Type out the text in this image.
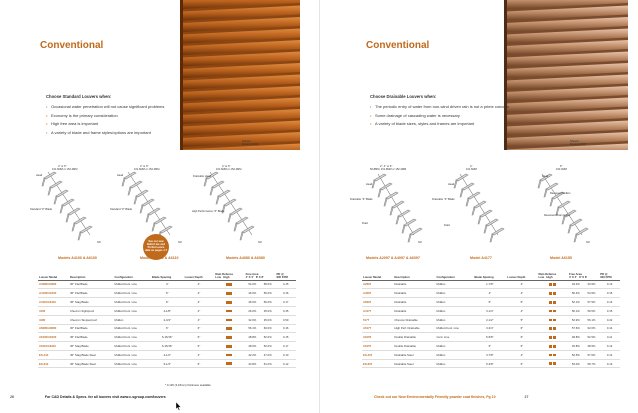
Conventional
Choose Standard Louvers when:
• Occasional water penetration will not cause significant problems
• Economy is the primary consideration
• High free area is important
• A variety of blade and frame styles/options are important
Shown:
Model A4100
4" or 6"
101.6MM or 152.4MM
4" or 6"
101.6MM or 152.4MM
4" or 6"
101.6MM or 152.4MM
Head	Head	Drainable Head
Standard "Z" Blade	Standard "Z" Blade
High Performance "Z" Blade
Sill	Sill	Sill
See our new Build Line and Perform-ance data on pages 4-7
Models A4100 & A6100	Models A4110 & A6110	Models A4080 & A6080
Louver Model	Description	Configuration	Blade Spacing	Louver Depth	Rain Defense
Low High	Free Area
4' X 4' 8' X 8'		PD @
900 FPM
A4080/A6080	30° Flat Blade	Mullion/Cont. Line	4"	4"		54.0%	58.0%	0.15
A4100/A6100	45° Flat Blade	Mullion/Cont. Line	6"	4"		46.0%	56.0%	0.16
A4110/A6110	45° Stag Blade	Mullion/Cont. Line	6"	4"		46.0%	50.0%	0.17
4160	Chevron Sightproof	Mullion/Cont. Line	4-1/8"	4"		26.0%	35.0%	0.35
4180	Chevron Tamperproof	Mullion	2-3/4"	4"		32.0%	35.0%	0.50
A6080/A8080	30° Flat Blade	Mullion/Cont. Line	6"	6"		56.1%	60.0%	0.16
A6100/A8100	45° Flat Blade	Mullion/Cont. Line	6-15/16"	6"		48.8%	52.0%	0.15
A6110/A8110	45° Stag Blade	Mullion/Cont. Line	6-15/16"	6"		48.0%	52.0%	0.17
ES-410	45° Stag Blade Steel	Mullion/Cont. Line	4-1/2"	4"		42.2%	47.0%	0.13
ES-610	45° Stag Blade Steel	Mullion/Cont. Line	6-1/4"	6"		43.8%	51.0%	0.12
*.0.125 (3.18mm) thickness available
26	For CAD Details & Specs. for all louvers visit www.c-sgroup.com/louvers
Conventional
Choose Drainable Louvers when:
• The periodic entry of water from non-wind driven rain is not a prime concern
• Some drainage of cascading water is necessary
• A variety of blade sizes, styles and frames are important
Shown:
Model A4097
2", 4" or 6"
50.8MM, 101.6MM or 152.4MM
4"
101.6MM
6"
152.4MM
Head	Head
Head
Drainable "Z" Blade	Drainable "Z" Blade
Recessed Mullion
Recessed Drain Gutter
Drain
Drain
Sill	Sill
Models A2097 & A4097 & A6097	Model A4177	Model A6155
Louver Model	Description	Configuration	Blade Spacing	Louver Depth	Rain Defense
Low High	Free Area
4' X 4' 8' X 8'		PD @
900 FPM
A2097	Drainable	Mullion	1-7/8"	2"		33.4%	33.9%	0.13
A4097	Drainable	Mullion	4"	4"		50.4%	54.9%	0.15
A6097	Drainable	Mullion	6"	6"		52.1%	57.9%	0.13
A4177	Drainable	Mullion	3-1/4"	4"		56.1%	59.5%	0.15
5177	Chevron Drainable	Mullion	2-1/2"	5"		52.9%	56.1%	0.22
A6177	High Perf. Drainable	Mullion/Cont. Line	3-3/4"	6"		57.6%	62.0%	0.14
A6155	Double Drainable	Cont. Line	5-5/8"	6"		48.8%	52.9%	0.11
A6157	Double Drainable	Mullion	6"	6"		45.8%	48.9%	0.12
ES-407	Drainable Steel	Mullion	3-7/8"	4"		52.5%	57.6%	0.12
ES-607	Drainable Steel	Mullion	5-3/8"	6"		53.0%	59.7%	0.13
Check out our New Environmentally Friendly powder coat finishes, Pg 10	27
